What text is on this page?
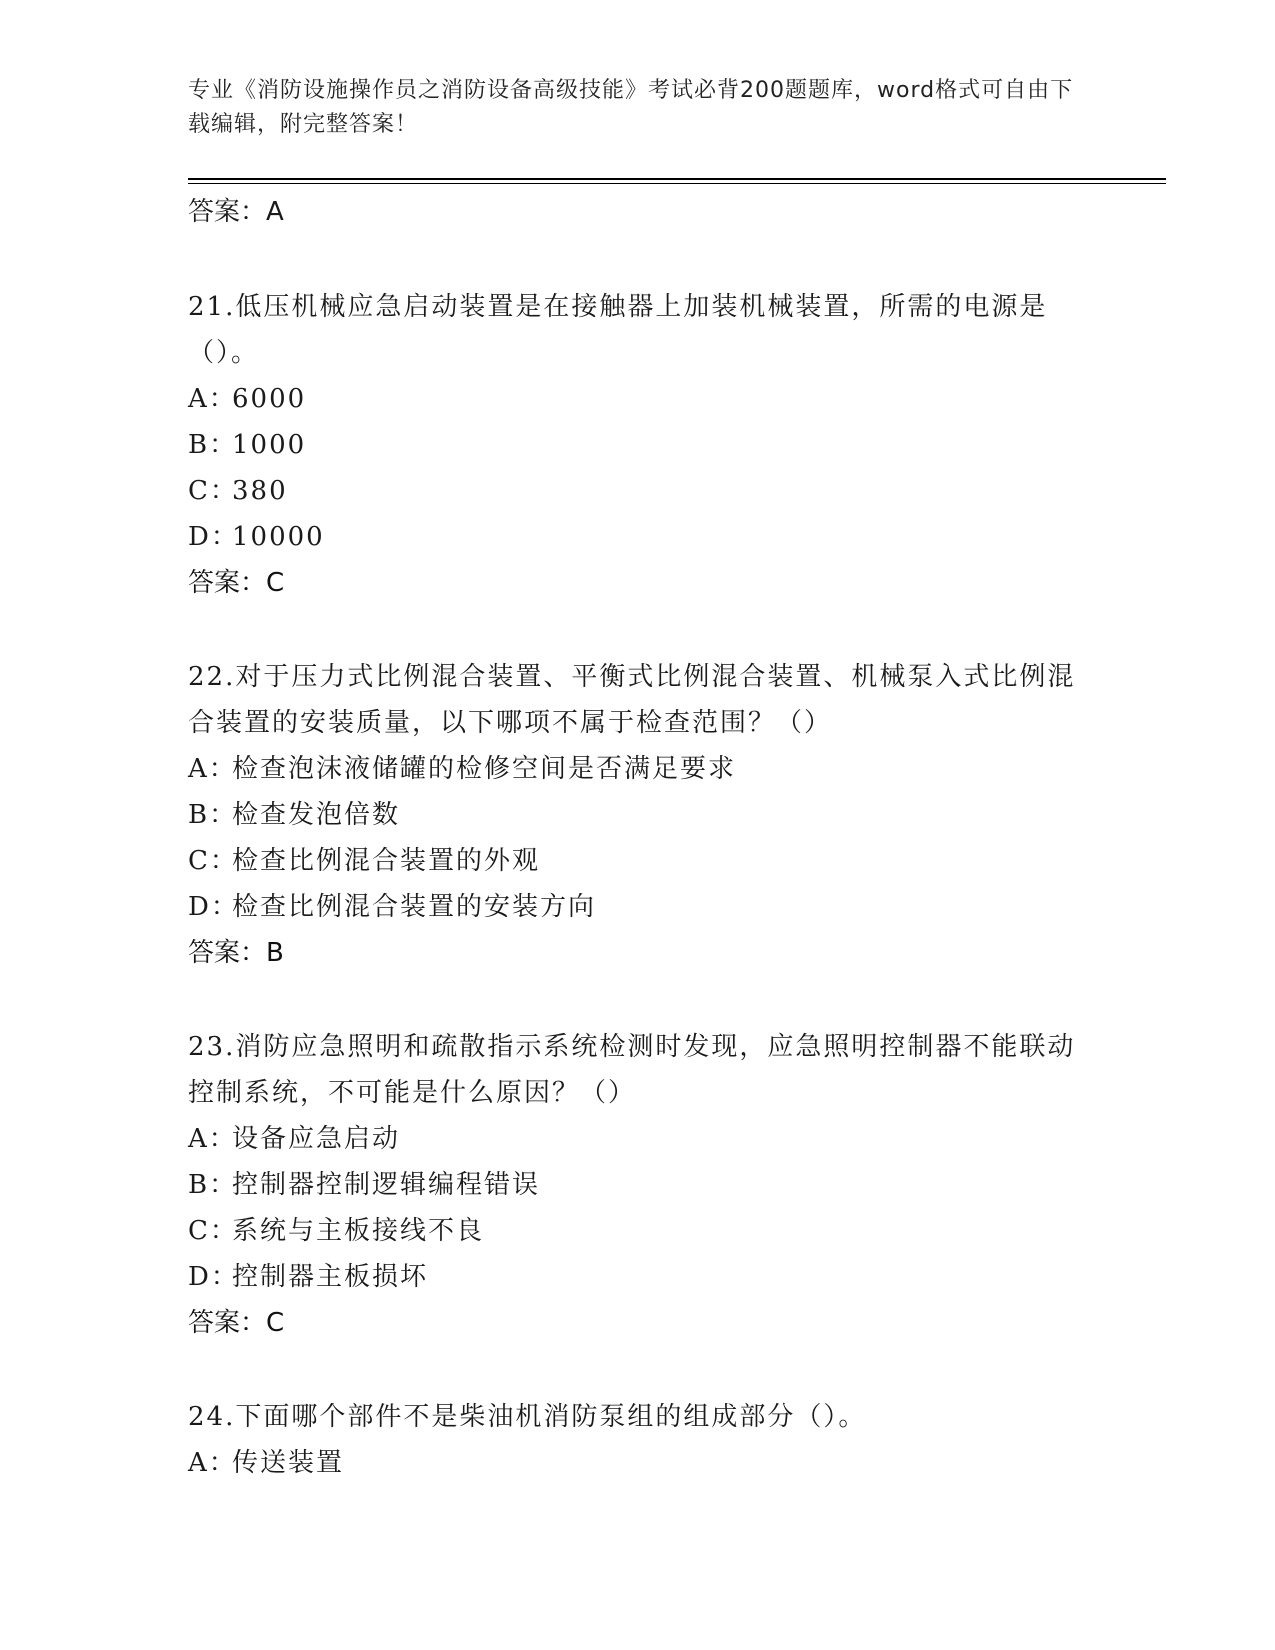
专业《消防设施操作员之消防设备高级技能》考试必背200题题库，word格式可自由下载编辑，附完整答案！
答案：A
21.低压机械应急启动装置是在接触器上加装机械装置，所需的电源是（）。
A：6000
B：1000
C：380
D：10000
答案：C
22.对于压力式比例混合装置、平衡式比例混合装置、机械泵入式比例混合装置的安装质量，以下哪项不属于检查范围？（）
A：检查泡沫液储罐的检修空间是否满足要求
B：检查发泡倍数
C：检查比例混合装置的外观
D：检查比例混合装置的安装方向
答案：B
23.消防应急照明和疏散指示系统检测时发现，应急照明控制器不能联动控制系统，不可能是什么原因？（）
A：设备应急启动
B：控制器控制逻辑编程错误
C：系统与主板接线不良
D：控制器主板损坏
答案：C
24.下面哪个部件不是柴油机消防泵组的组成部分（）。
A：传送装置
